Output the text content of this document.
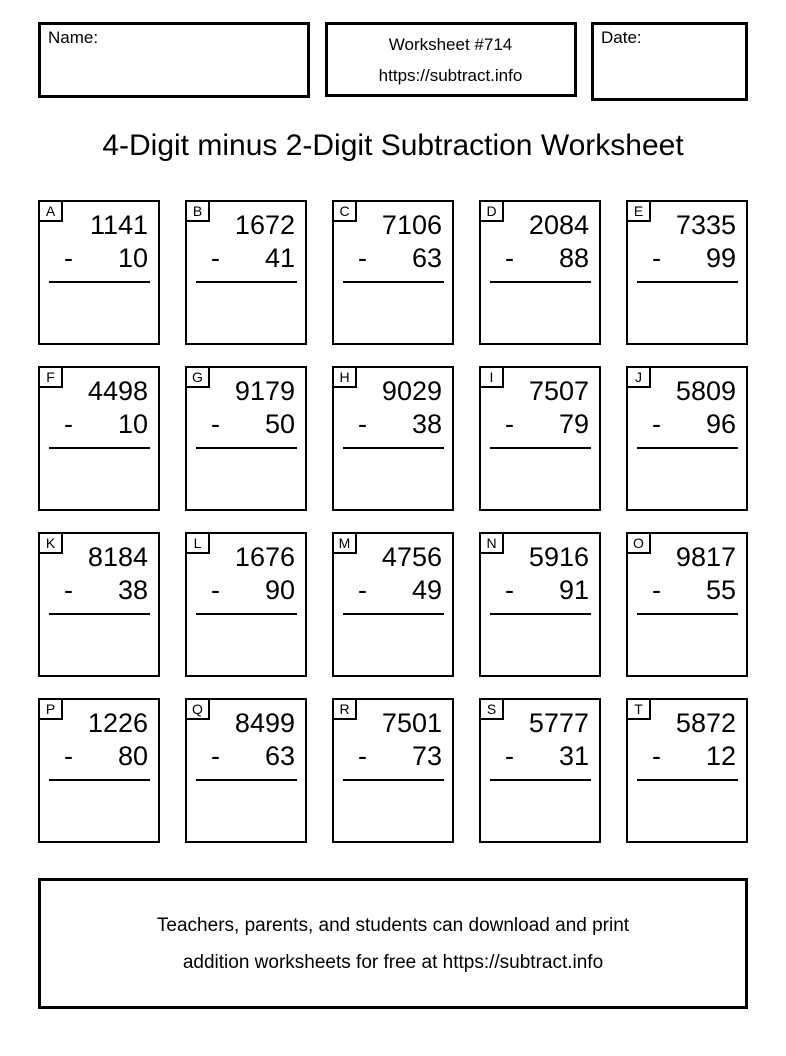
Name:	Worksheet #714
https://subtract.info
Date:
4-Digit minus 2-Digit Subtraction Worksheet
A	1141
-	10
B	1672
-	41
C	7106
-	63
D	2084
-	88
E	7335
-	99
F	4498
-	10
G	9179
-	50
H	9029
-	38
I	7507
-	79
J	5809
-	96
K	8184
-	38
L	1676
-	90
M	4756
-	49
N	5916
-	91
O	9817
-	55
P	1226
-	80
Q	8499
-	63
R	7501
-	73
S	5777
-	31
T	5872
-	12
Teachers, parents, and students can download and print
addition worksheets for free at https://subtract.info
